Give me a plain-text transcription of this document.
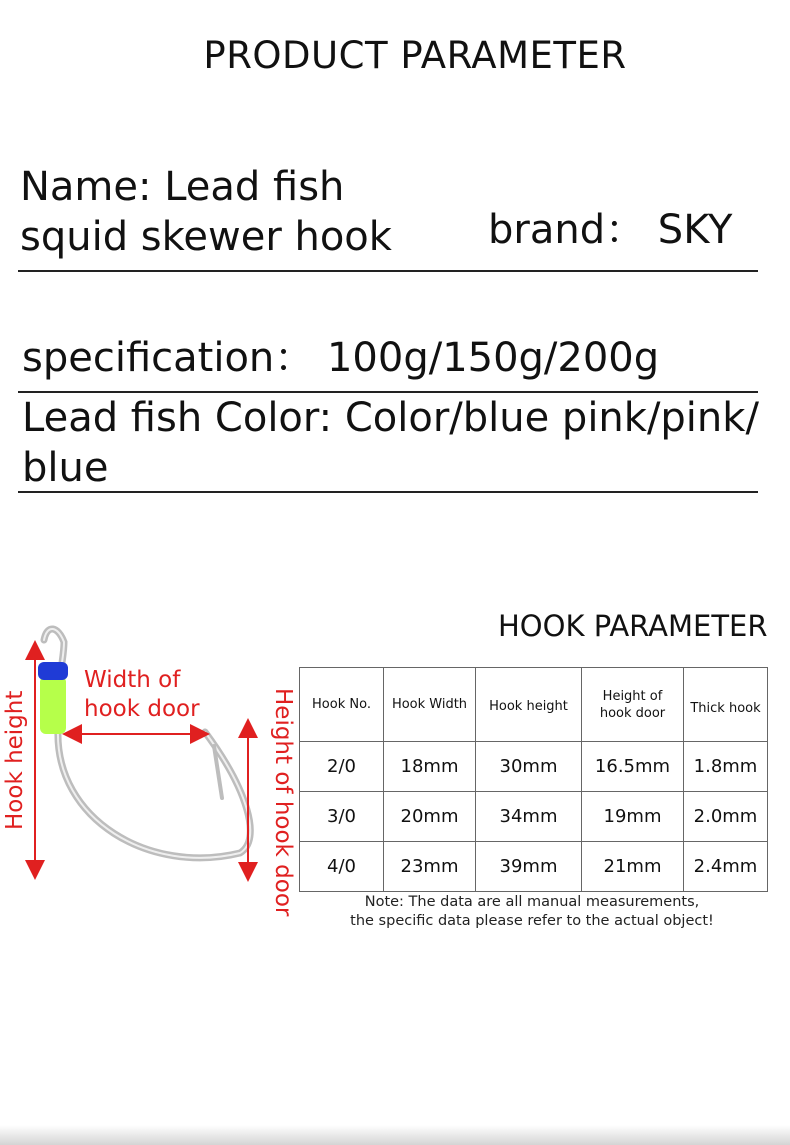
PRODUCT PARAMETER
Name: Lead fish
squid skewer hook	brand： SKY
specification： 100g/150g/200g
Lead fish Color: Color/blue pink/pink/
blue
Hook height
Width of
hook door	Height of hook door
HOOK PARAMETER
Hook No.	Hook Width	Hook height	Height of hook door	Thick hook
2/0	18mm	30mm	16.5mm	1.8mm
3/0	20mm	34mm	19mm	2.0mm
4/0	23mm	39mm	21mm	2.4mm
Note: The data are all manual measurements,
the specific data please refer to the actual object!
